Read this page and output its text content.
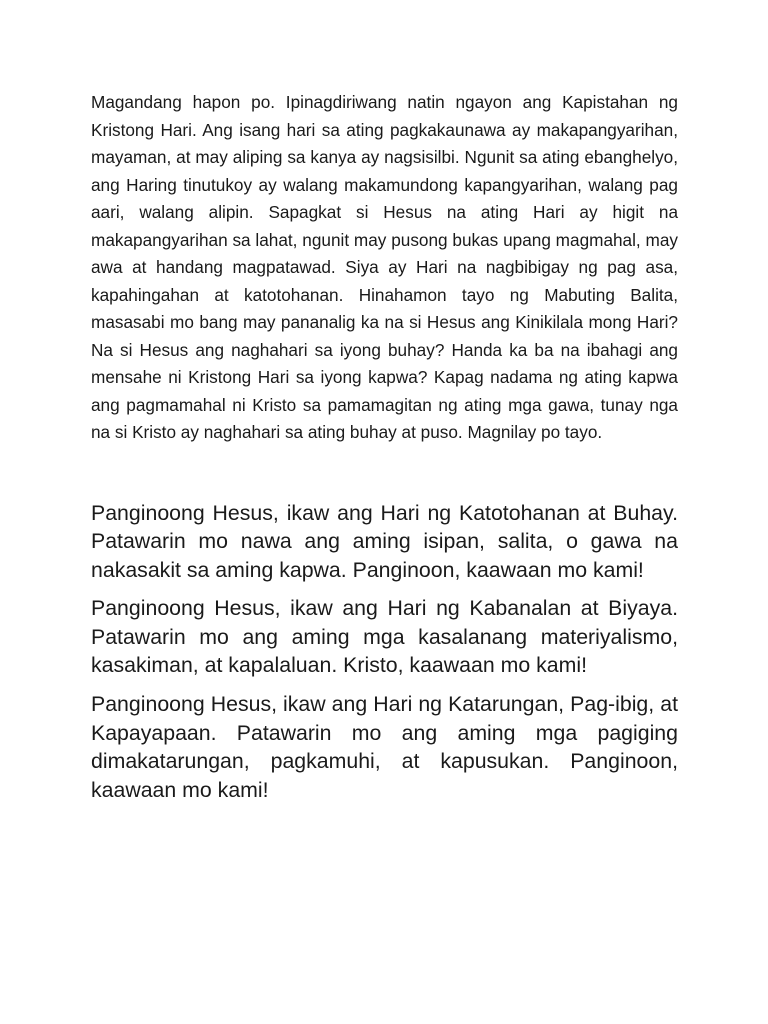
Magandang hapon po. Ipinagdiriwang natin ngayon ang Kapistahan ng Kristong Hari. Ang isang hari sa ating pagkakaunawa ay makapangyarihan, mayaman, at may aliping sa kanya ay nagsisilbi. Ngunit sa ating ebanghelyo, ang Haring tinutukoy ay walang makamundong kapangyarihan, walang pag aari, walang alipin. Sapagkat si Hesus na ating Hari ay higit na makapangyarihan sa lahat, ngunit may pusong bukas upang magmahal, may awa at handang magpatawad. Siya ay Hari na nagbibigay ng pag asa, kapahingahan at katotohanan. Hinahamon tayo ng Mabuting Balita, masasabi mo bang may pananalig ka na si Hesus ang Kinikilala mong Hari? Na si Hesus ang naghahari sa iyong buhay? Handa ka ba na ibahagi ang mensahe ni Kristong Hari sa iyong kapwa? Kapag nadama ng ating kapwa ang pagmamahal ni Kristo sa pamamagitan ng ating mga gawa, tunay nga na si Kristo ay naghahari sa ating buhay at puso. Magnilay po tayo.

Panginoong Hesus, ikaw ang Hari ng Katotohanan at Buhay. Patawarin mo nawa ang aming isipan, salita, o gawa na nakasakit sa aming kapwa. Panginoon, kaawaan mo kami!

Panginoong Hesus, ikaw ang Hari ng Kabanalan at Biyaya. Patawarin mo ang aming mga kasalanang materiyalismo, kasakiman, at kapalaluan. Kristo, kaawaan mo kami!

Panginoong Hesus, ikaw ang Hari ng Katarungan, Pag-ibig, at Kapayapaan. Patawarin mo ang aming mga pagiging dimakatarungan, pagkamuhi, at kapusukan. Panginoon, kaawaan mo kami!
